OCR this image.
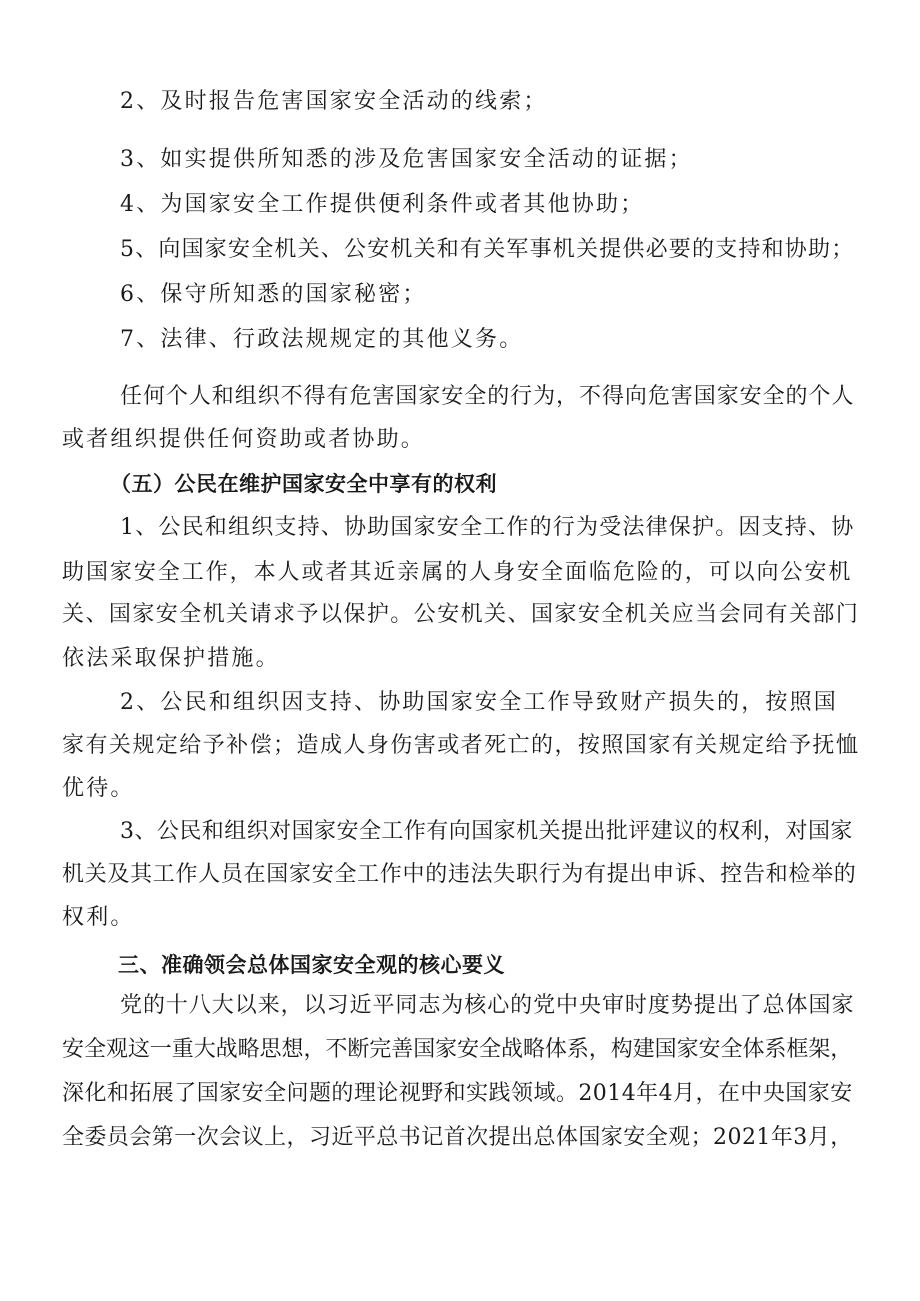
2、及时报告危害国家安全活动的线索；
3、如实提供所知悉的涉及危害国家安全活动的证据；
4、为国家安全工作提供便利条件或者其他协助；
5、向国家安全机关、公安机关和有关军事机关提供必要的支持和协助；
6、保守所知悉的国家秘密；
7、法律、行政法规规定的其他义务。
任何个人和组织不得有危害国家安全的行为，不得向危害国家安全的个人
或者组织提供任何资助或者协助。
（五）公民在维护国家安全中享有的权利
1、公民和组织支持、协助国家安全工作的行为受法律保护。因支持、协
助国家安全工作，本人或者其近亲属的人身安全面临危险的，可以向公安机
关、国家安全机关请求予以保护。公安机关、国家安全机关应当会同有关部门
依法采取保护措施。
2、公民和组织因支持、协助国家安全工作导致财产损失的，按照国
家有关规定给予补偿；造成人身伤害或者死亡的，按照国家有关规定给予抚恤
优待。
3、公民和组织对国家安全工作有向国家机关提出批评建议的权利，对国家
机关及其工作人员在国家安全工作中的违法失职行为有提出申诉、控告和检举的
权利。
三、准确领会总体国家安全观的核心要义
党的十八大以来，以习近平同志为核心的党中央审时度势提出了总体国家
安全观这一重大战略思想，不断完善国家安全战略体系，构建国家安全体系框架，
深化和拓展了国家安全问题的理论视野和实践领域。2014年4月，在中央国家安
全委员会第一次会议上，习近平总书记首次提出总体国家安全观；2021年3月，
